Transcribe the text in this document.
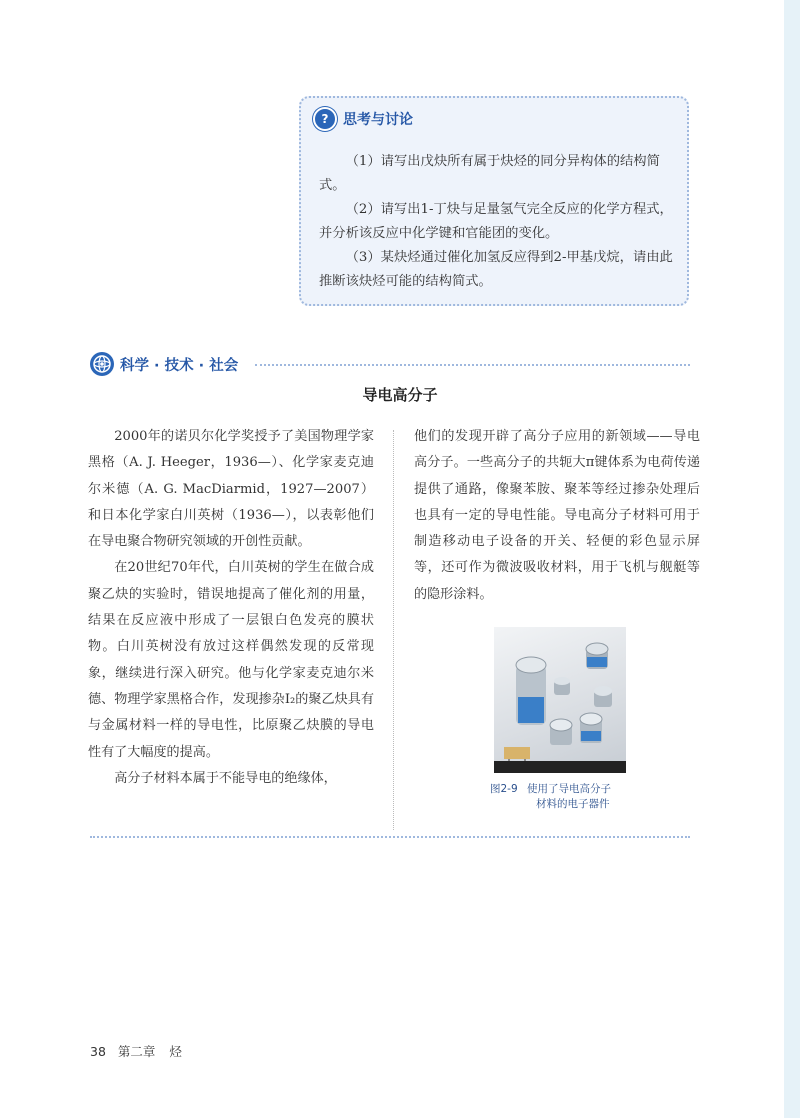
?	思考与讨论

（1）请写出戊炔所有属于炔烃的同分异构体的结构简式。

（2）请写出1-丁炔与足量氢气完全反应的化学方程式，并分析该反应中化学键和官能团的变化。

（3）某炔烃通过催化加氢反应得到2-甲基戊烷，请由此推断该炔烃可能的结构简式。

科学 · 技术 · 社会
导电高分子

2000年的诺贝尔化学奖授予了美国物理学家黑格（A. J. Heeger，1936—）、化学家麦克迪尔米德（A. G. MacDiarmid，1927—2007）和日本化学家白川英树（1936—），以表彰他们在导电聚合物研究领域的开创性贡献。

在20世纪70年代，白川英树的学生在做合成聚乙炔的实验时，错误地提高了催化剂的用量，结果在反应液中形成了一层银白色发亮的膜状物。白川英树没有放过这样偶然发现的反常现象，继续进行深入研究。他与化学家麦克迪尔米德、物理学家黑格合作，发现掺杂I₂的聚乙炔具有与金属材料一样的导电性，比原聚乙炔膜的导电性有了大幅度的提高。

高分子材料本属于不能导电的绝缘体，

他们的发现开辟了高分子应用的新领域——导电高分子。一些高分子的共轭大π键体系为电荷传递提供了通路，像聚苯胺、聚苯等经过掺杂处理后也具有一定的导电性能。导电高分子材料可用于制造移动电子设备的开关、轻便的彩色显示屏等，还可作为微波吸收材料，用于飞机与舰艇等的隐形涂料。

图2-9 使用了导电高分子
材料的电子器件
38 第二章 烃
